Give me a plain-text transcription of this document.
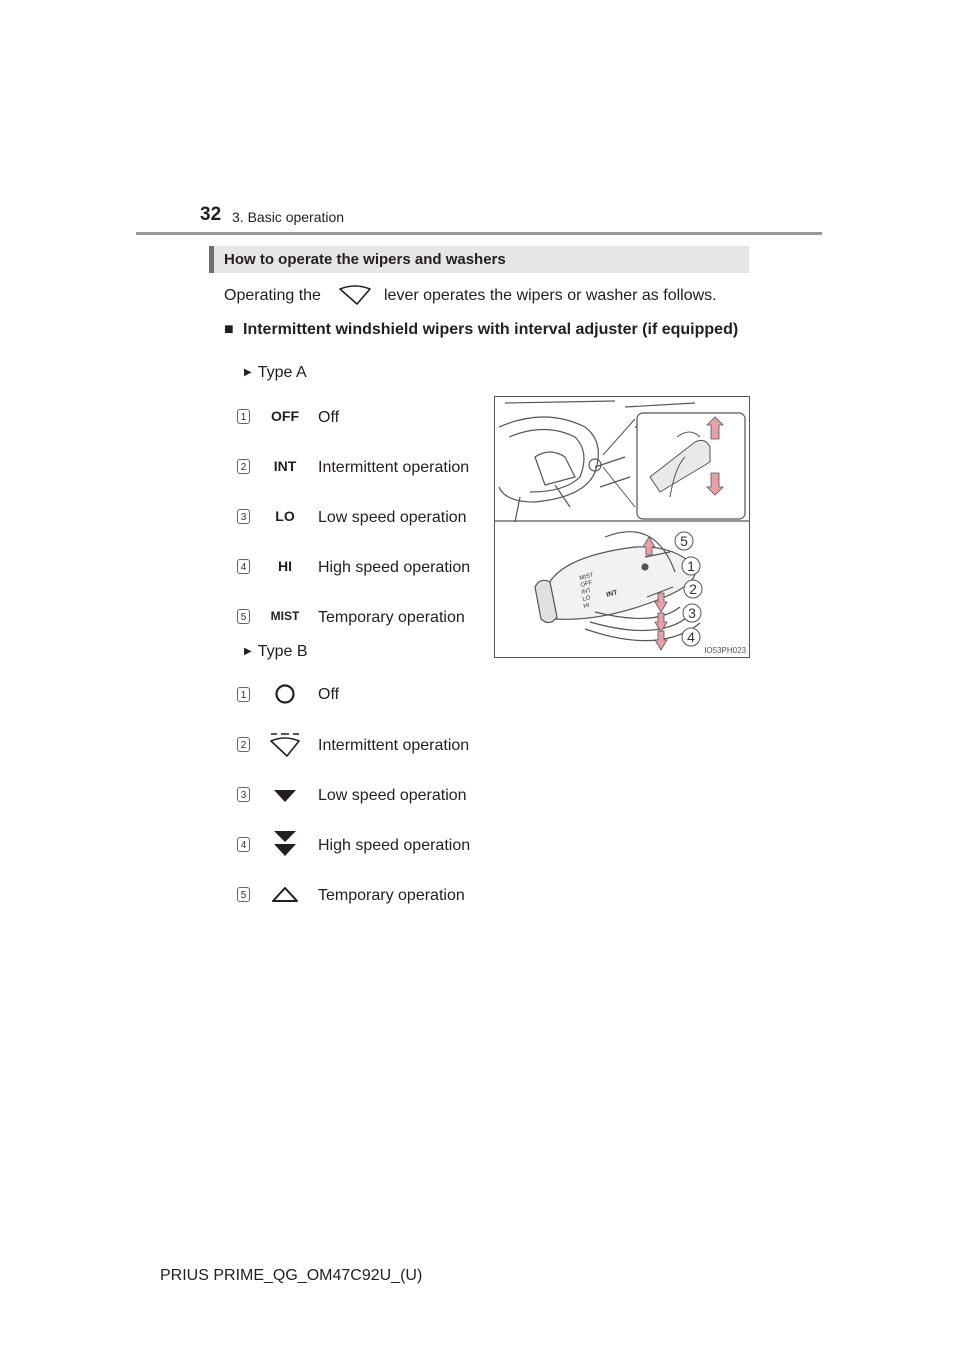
32 3. Basic operation
How to operate the wipers and washers
Operating the	lever operates the wipers or washer as follows.
■ Intermittent windshield wipers with interval adjuster (if equipped)
▶ Type A
1	OFF	Off
2	INT	Intermittent operation
3	LO	Low speed operation
4	HI	High speed operation
5	MIST	Temporary operation
MIST
OFF
INT
LO
HI
INT
5
1
2
3
4
IO53PH023
▶ Type B
1	Off
2	Intermittent operation
3	Low speed operation
4	High speed operation
5	Temporary operation
PRIUS PRIME_QG_OM47C92U_(U)
